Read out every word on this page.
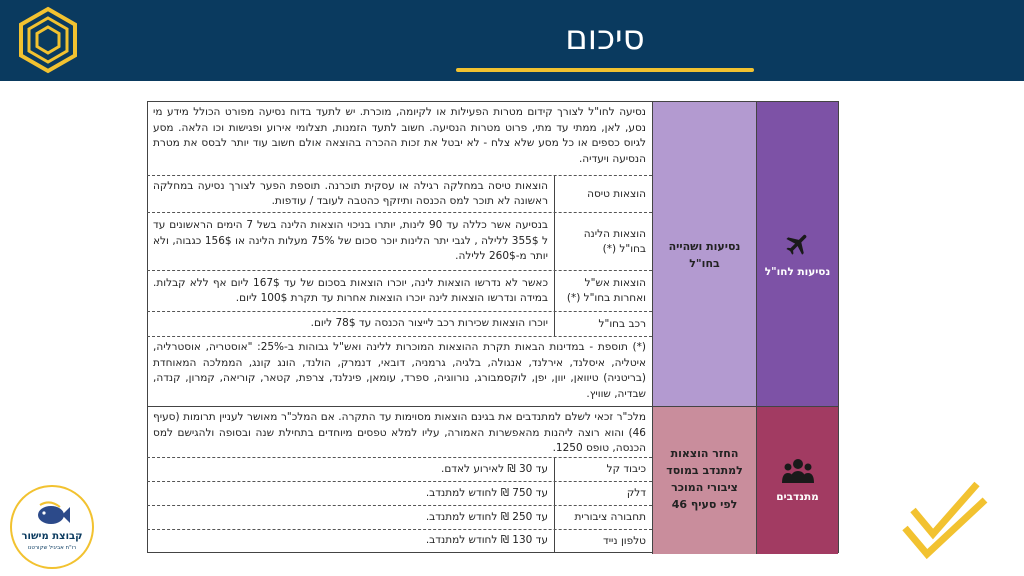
סיכום
נסיעות לחו"ל
נסיעות ושהייה בחו"ל
מתנדבים
החזר הוצאות למתנדב במוסד ציבורי המוכר לפי סעיף 46
נסיעה לחו"ל לצורך קידום מטרות הפעילות או לקיומה, מוכרת. יש לתעד בדוח נסיעה מפורט הכולל מידע מי נסע, לאן, ממתי עד מתי, פרוט מטרות הנסיעה. חשוב לתעד הזמנות, תצלומי אירוע ופגישות וכו הלאה. מסע לגיוס כספים או כל מסע שלא צלח - לא יבטל את זכות ההכרה בהוצאה אולם חשוב עוד יותר לבסס את מטרת הנסיעה ויעדיה.
הוצאות טיסה
הוצאות טיסה במחלקה רגילה או עסקית תוכרנה. תוספת הפער לצורך נסיעה במחלקה ראשונה לא תוכר למס הכנסה ותיזקף כהטבה לעובד / עודפות.
הוצאות הלינה בחו"ל (*)
בנסיעה אשר כללה עד 90 לינות, יותרו בניכוי הוצאות הלינה בשל 7 הימים הראשונים עד ל 355$ ללילה , לגבי יתר הלינות יוכר סכום של 75% מעלות הלינה או 156$ כגבוה, ולא יותר מ-260$ ללילה.
הוצאות אש"ל ואחרות בחו"ל (*)
כאשר לא נדרשו הוצאות לינה, יוכרו הוצאות בסכום של עד 167$ ליום אף ללא קבלות. במידה ונדרשו הוצאות לינה יוכרו הוצאות אחרות עד תקרת 100$ ליום.
רכב בחו"ל
יוכרו הוצאות שכירות רכב לייצור הכנסה עד 78$ ליום.
(*) תוספת - במדינות הבאות תקרת ההוצאות המוכרות ללינה ואש"ל גבוהות ב-25%: "אוסטריה, אוסטרליה, איטליה, איסלנד, אירלנד, אנגולה, בלגיה, גרמניה, דובאי, דנמרק, הולנד, הונג קונג, הממלכה המאוחדת (בריטניה) טיוואן, יוון, יפן, לוקסמבורג, נורווגיה, ספרד, עומאן, פינלנד, צרפת, קטאר, קוריאה, קמרון, קנדה, שבדיה, שוויץ.
מלכ"ר זכאי לשלם למתנדבים את בגינם הוצאות מסוימות עד התקרה. אם המלכ"ר מאושר לעניין תרומות (סעיף 46) והוא רוצה ליהנות מהאפשרות האמורה, עליו למלא טפסים מיוחדים בתחילת שנה ובסופה ולהגישם למס הכנסה, טופס 1250.
כיבוד קל
עד 30 ₪ לאירוע לאדם.
דלק
עד 750 ₪ לחודש למתנדב.
תחבורה ציבורית
עד 250 ₪ לחודש למתנדב.
טלפון נייד
עד 130 ₪ לחודש למתנדב.
קבוצת מישור
רו"ח אביגיל שקורטנו
